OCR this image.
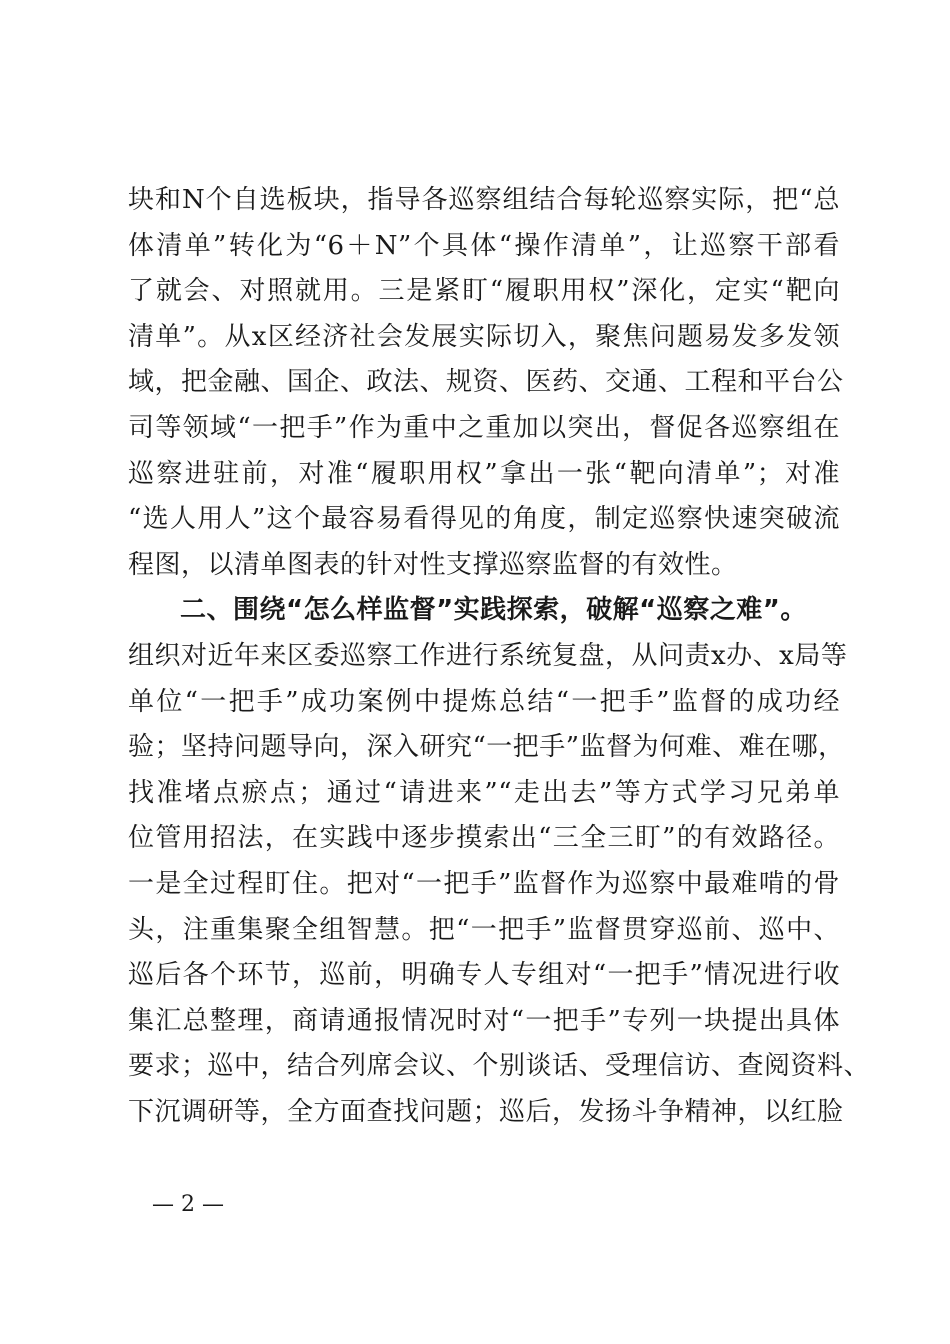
块和N个自选板块，指导各巡察组结合每轮巡察实际，把“总
体清单”转化为“6＋N”个具体“操作清单”，让巡察干部看
了就会、对照就用。三是紧盯“履职用权”深化，定实“靶向
清单”。从x区经济社会发展实际切入，聚焦问题易发多发领
域，把金融、国企、政法、规资、医药、交通、工程和平台公
司等领域“一把手”作为重中之重加以突出，督促各巡察组在
巡察进驻前，对准“履职用权”拿出一张“靶向清单”；对准
“选人用人”这个最容易看得见的角度，制定巡察快速突破流
程图，以清单图表的针对性支撑巡察监督的有效性。
二、围绕“怎么样监督”实践探索，破解“巡察之难”。
组织对近年来区委巡察工作进行系统复盘，从问责x办、x局等
单位“一把手”成功案例中提炼总结“一把手”监督的成功经
验；坚持问题导向，深入研究“一把手”监督为何难、难在哪，
找准堵点瘀点；通过“请进来”“走出去”等方式学习兄弟单
位管用招法，在实践中逐步摸索出“三全三盯”的有效路径。
一是全过程盯住。把对“一把手”监督作为巡察中最难啃的骨
头，注重集聚全组智慧。把“一把手”监督贯穿巡前、巡中、
巡后各个环节，巡前，明确专人专组对“一把手”情况进行收
集汇总整理，商请通报情况时对“一把手”专列一块提出具体
要求；巡中，结合列席会议、个别谈话、受理信访、查阅资料、
下沉调研等，全方面查找问题；巡后，发扬斗争精神，以红脸
— 2 —
